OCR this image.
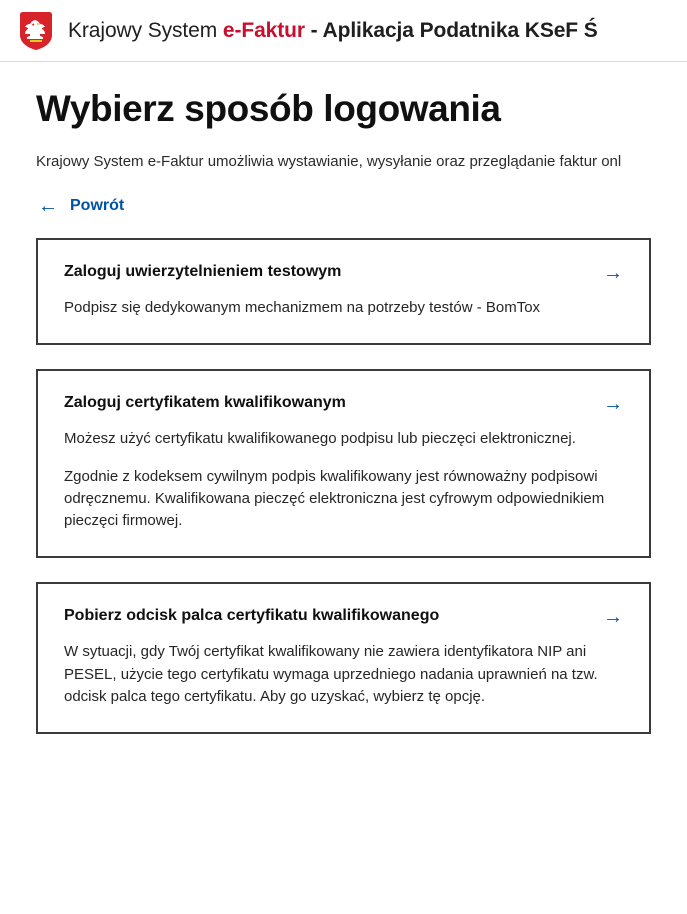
Krajowy System e-Faktur - Aplikacja Podatnika KSeF Ś
Wybierz sposób logowania

Krajowy System e-Faktur umożliwia wystawianie, wysyłanie oraz przeglądanie faktur onl

← Powrót
Zaloguj uwierzytelnieniem testowym	→

Podpisz się dedykowanym mechanizmem na potrzeby testów - BomTox

Zaloguj certyfikatem kwalifikowanym	→

Możesz użyć certyfikatu kwalifikowanego podpisu lub pieczęci elektronicznej.

Zgodnie z kodeksem cywilnym podpis kwalifikowany jest równoważny podpisowi odręcznemu. Kwalifikowana pieczęć elektroniczna jest cyfrowym odpowiednikiem pieczęci firmowej.

Pobierz odcisk palca certyfikatu kwalifikowanego	→

W sytuacji, gdy Twój certyfikat kwalifikowany nie zawiera identyfikatora NIP ani PESEL, użycie tego certyfikatu wymaga uprzedniego nadania uprawnień na tzw. odcisk palca tego certyfikatu. Aby go uzyskać, wybierz tę opcję.
